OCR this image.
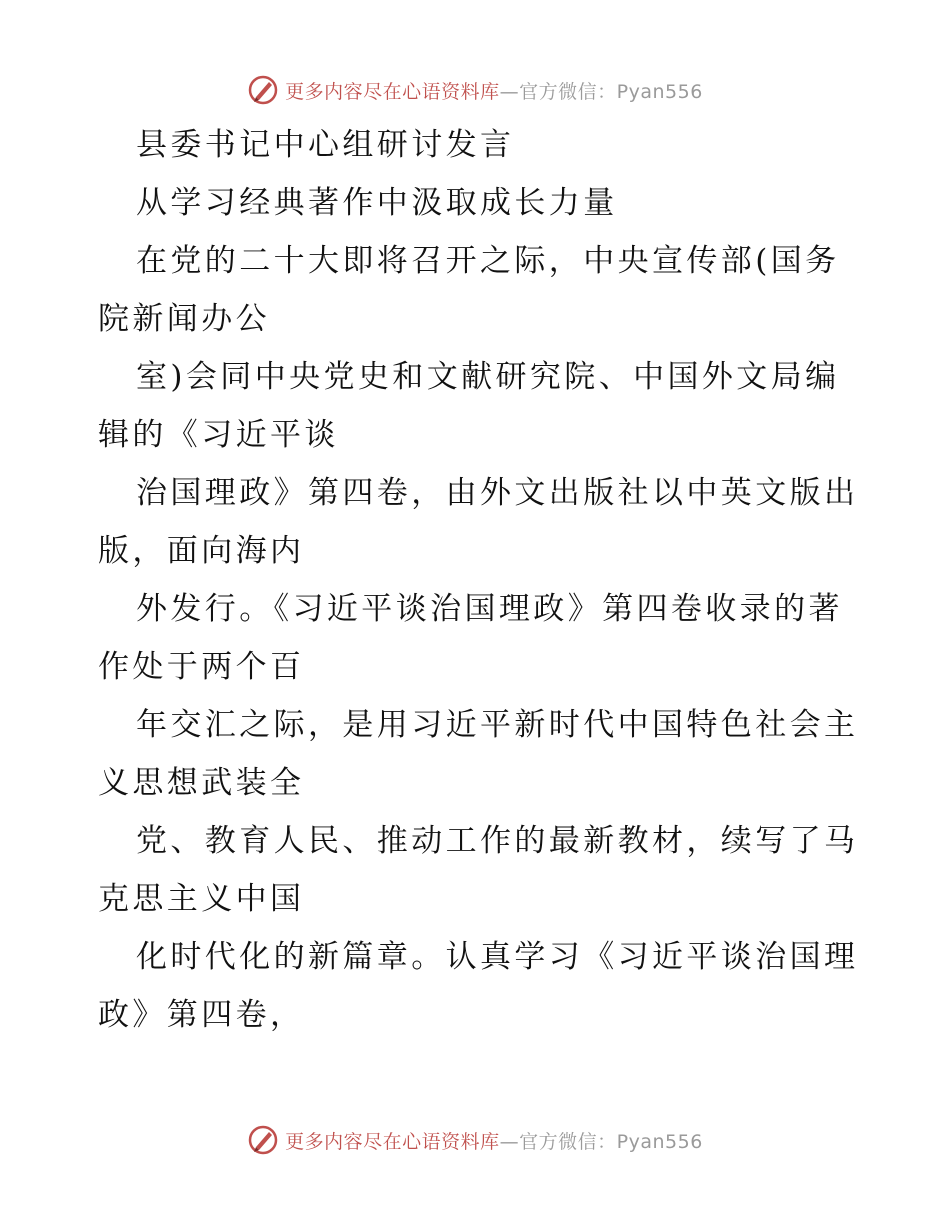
更多内容尽在心语资料库—官方微信：Pyan556
县委书记中心组研讨发言
从学习经典著作中汲取成长力量
在党的二十大即将召开之际，中央宣传部(国务
院新闻办公
室)会同中央党史和文献研究院、中国外文局编
辑的《习近平谈
治国理政》第四卷，由外文出版社以中英文版出
版，面向海内
外发行。《习近平谈治国理政》第四卷收录的著
作处于两个百
年交汇之际，是用习近平新时代中国特色社会主
义思想武装全
党、教育人民、推动工作的最新教材，续写了马
克思主义中国
化时代化的新篇章。认真学习《习近平谈治国理
政》第四卷，
更多内容尽在心语资料库—官方微信：Pyan556
